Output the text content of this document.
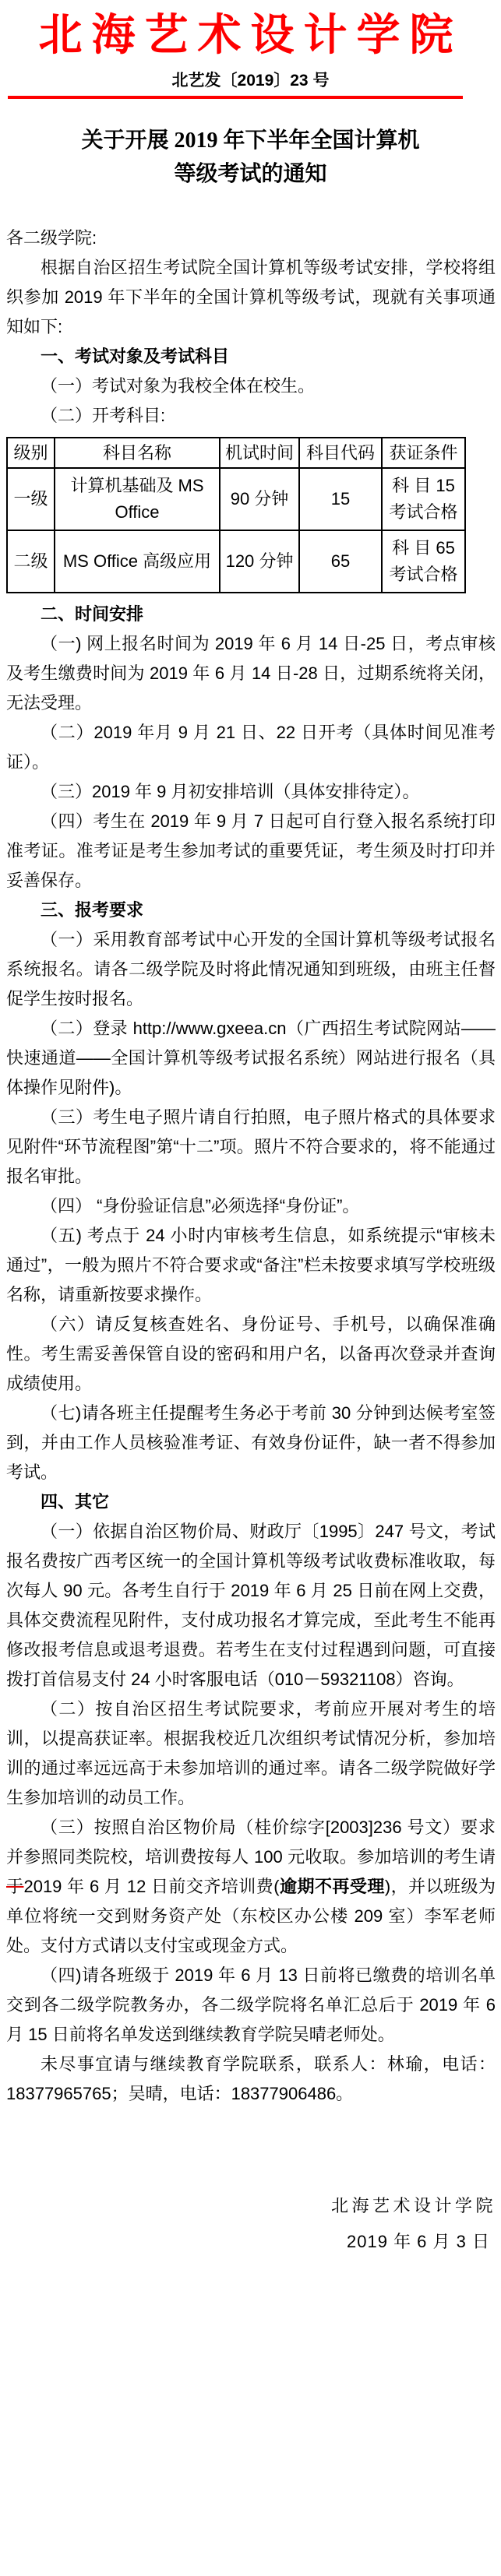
北海艺术设计学院
北艺发〔2019〕23 号
关于开展 2019 年下半年全国计算机
等级考试的通知

各二级学院:

根据自治区招生考试院全国计算机等级考试安排，学校将组织参加 2019 年下半年的全国计算机等级考试，现就有关事项通知如下:

一、考试对象及考试科目

（一）考试对象为我校全体在校生。

（二）开考科目:

级别	科目名称	机试时间	科目代码	获证条件

一级	计算机基础及 MS
Office	90 分钟	15	科 目 15
考试合格

二级	MS Office 高级应用	120 分钟	65	科 目 65
考试合格

二、时间安排

（一) 网上报名时间为 2019 年 6 月 14 日-25 日，考点审核及考生缴费时间为 2019 年 6 月 14 日-28 日，过期系统将关闭，无法受理。

（二）2019 年月 9 月 21 日、22 日开考（具体时间见准考证）。

（三）2019 年 9 月初安排培训（具体安排待定）。

（四）考生在 2019 年 9 月 7 日起可自行登入报名系统打印准考证。准考证是考生参加考试的重要凭证，考生须及时打印并妥善保存。

三、报考要求

（一）采用教育部考试中心开发的全国计算机等级考试报名系统报名。请各二级学院及时将此情况通知到班级，由班主任督促学生按时报名。

（二）登录 http://www.gxeea.cn（广西招生考试院网站——快速通道——全国计算机等级考试报名系统）网站进行报名（具体操作见附件)。

（三）考生电子照片请自行拍照，电子照片格式的具体要求见附件“环节流程图”第“十二”项。照片不符合要求的，将不能通过报名审批。

（四） “身份验证信息”必须选择“身份证”。

（五) 考点于 24 小时内审核考生信息，如系统提示“审核未通过”，一般为照片不符合要求或“备注”栏未按要求填写学校班级名称，请重新按要求操作。

（六）请反复核查姓名、身份证号、手机号，以确保准确性。考生需妥善保管自设的密码和用户名，以备再次登录并查询成绩使用。

（七)请各班主任提醒考生务必于考前 30 分钟到达候考室签到，并由工作人员核验准考证、有效身份证件，缺一者不得参加考试。

四、其它

（一）依据自治区物价局、财政厅〔1995〕247 号文，考试报名费按广西考区统一的全国计算机等级考试收费标准收取，每次每人 90 元。各考生自行于 2019 年 6 月 25 日前在网上交费，具体交费流程见附件，支付成功报名才算完成，至此考生不能再修改报考信息或退考退费。若考生在支付过程遇到问题，可直接拨打首信易支付 24 小时客服电话（010－59321108）咨询。

（二）按自治区招生考试院要求，考前应开展对考生的培训，以提高获证率。根据我校近几次组织考试情况分析，参加培训的通过率远远高于未参加培训的通过率。请各二级学院做好学生参加培训的动员工作。

（三）按照自治区物价局（桂价综字[2003]236 号文）要求并参照同类院校，培训费按每人 100 元收取。参加培训的考生请于2019 年 6 月 12 日前交齐培训费(逾期不再受理)，并以班级为单位将统一交到财务资产处（东校区办公楼 209 室）李军老师处。支付方式请以支付宝或现金方式。

（四)请各班级于 2019 年 6 月 13 日前将已缴费的培训名单交到各二级学院教务办，各二级学院将名单汇总后于 2019 年 6 月 15 日前将名单发送到继续教育学院吴晴老师处。

未尽事宜请与继续教育学院联系，联系人：林瑜，电话：18377965765；吴晴，电话：18377906486。

北海艺术设计学院
2019 年 6 月 3 日
